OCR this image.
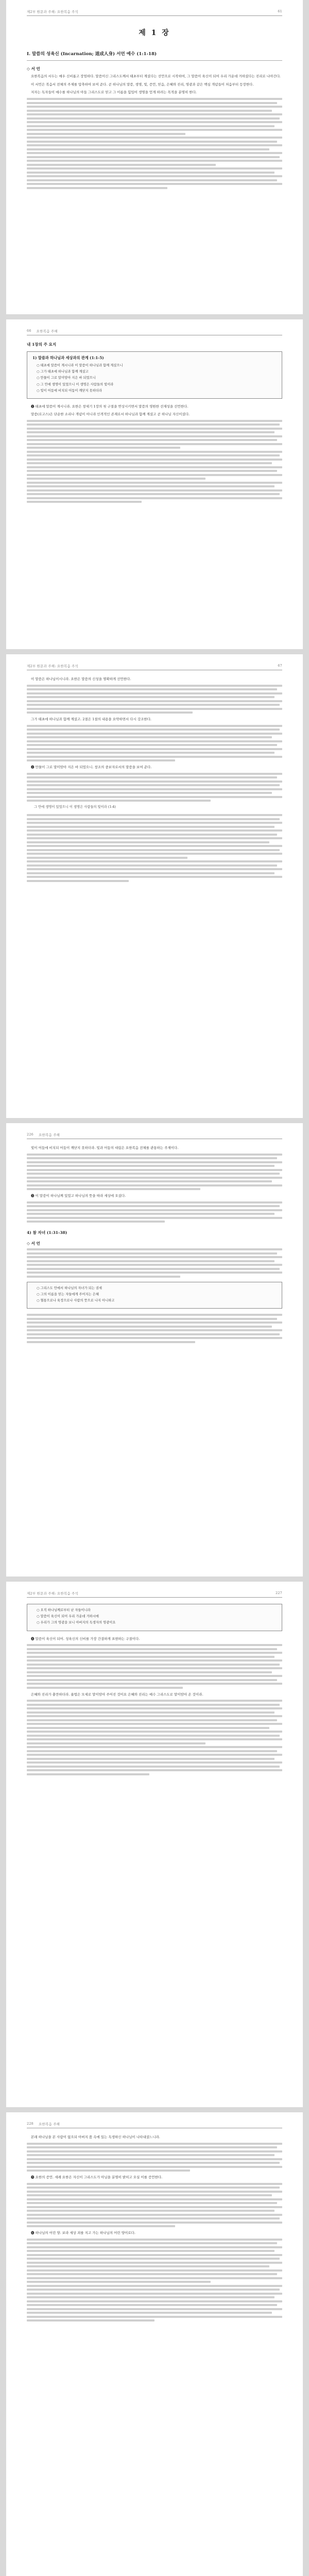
제2부 원문과 주해: 요한복음 주석	61
제 1 장
I. 말씀의 성육신 (Incarnation; 道成人身) 서언 예수 (1:1-18)
◇ 서 언

요한복음의 서두는 매우 신비롭고 장엄하다. 말씀이신 그리스도께서 태초부터 계셨다는 선언으로 시작하여, 그 말씀이 육신이 되어 우리 가운데 거하셨다는 진리로 나아간다.

이 서언은 복음서 전체의 주제를 압축하여 보여 준다. 곧 하나님의 말씀, 생명, 빛, 증언, 믿음, 은혜와 진리, 영광과 같은 핵심 개념들이 처음부터 등장한다.

저자는 독자들이 예수를 하나님의 아들 그리스도로 믿고 그 이름을 힘입어 생명을 얻게 하려는 목적을 분명히 한다.

66 요한복음 주해
내 1장의 주 요지
1) 말씀과 하나님과 세상과의 관계 (1:1-5)
○ 태초에 말씀이 계시니라 이 말씀이 하나님과 함께 계셨으니
○ 그가 태초에 하나님과 함께 계셨고
○ 만물이 그로 말미암아 지은 바 되었으니
○ 그 안에 생명이 있었으니 이 생명은 사람들의 빛이라
○ 빛이 어둠에 비치되 어둠이 깨닫지 못하더라

❶ 태초에 말씀이 계시니라. 요한은 창세기 1장의 첫 구절을 연상시키면서 말씀의 영원한 선재성을 선언한다.

말씀(로고스)은 단순한 소리나 개념이 아니라 인격적인 존재로서 하나님과 함께 계셨고 곧 하나님 자신이셨다.

제2부 원문과 주해: 요한복음 주석	67

이 말씀은 하나님이시니라. 요한은 말씀의 신성을 명확하게 선언한다.

그가 태초에 하나님과 함께 계셨고. 2절은 1절의 내용을 요약하면서 다시 강조한다.

❷ 만물이 그로 말미암아 지은 바 되었으니. 창조의 중보자로서의 말씀을 보여 준다.

그 안에 생명이 있었으니 이 생명은 사람들의 빛이라 (1:4)
226 요한복음 주해

빛이 어둠에 비치되 어둠이 깨닫지 못하더라. 빛과 어둠의 대립은 요한복음 전체를 관통하는 주제이다.

❸ 이 말씀이 하나님께 있었고 하나님의 뜻을 따라 세상에 오셨다.

4) 참 자녀 (1:31-38)
◇ 서 언
○ 그리스도 안에서 하나님의 자녀가 되는 권세
○ 그의 이름을 믿는 자들에게 주어지는 은혜
○ 혈통으로나 육정으로나 사람의 뜻으로 나지 아니하고
제2부 원문과 주해: 요한복음 주석	227
○ 오직 하나님께로부터 난 자들이니라
○ 말씀이 육신이 되어 우리 가운데 거하시매
○ 우리가 그의 영광을 보니 아버지의 독생자의 영광이요

❹ 말씀이 육신이 되어. 성육신의 신비를 가장 간결하게 표현하는 구절이다.

은혜와 진리가 충만하더라. 율법은 모세로 말미암아 주어진 것이요 은혜와 진리는 예수 그리스도로 말미암아 온 것이라.

228 요한복음 주해

본래 하나님을 본 사람이 없으되 아버지 품 속에 있는 독생하신 하나님이 나타내셨느니라.

❺ 요한의 증언. 세례 요한은 자신이 그리스도가 아님을 분명히 밝히고 오실 이를 증언한다.

❻ 하나님의 어린 양. 보라 세상 죄를 지고 가는 하나님의 어린 양이로다.
